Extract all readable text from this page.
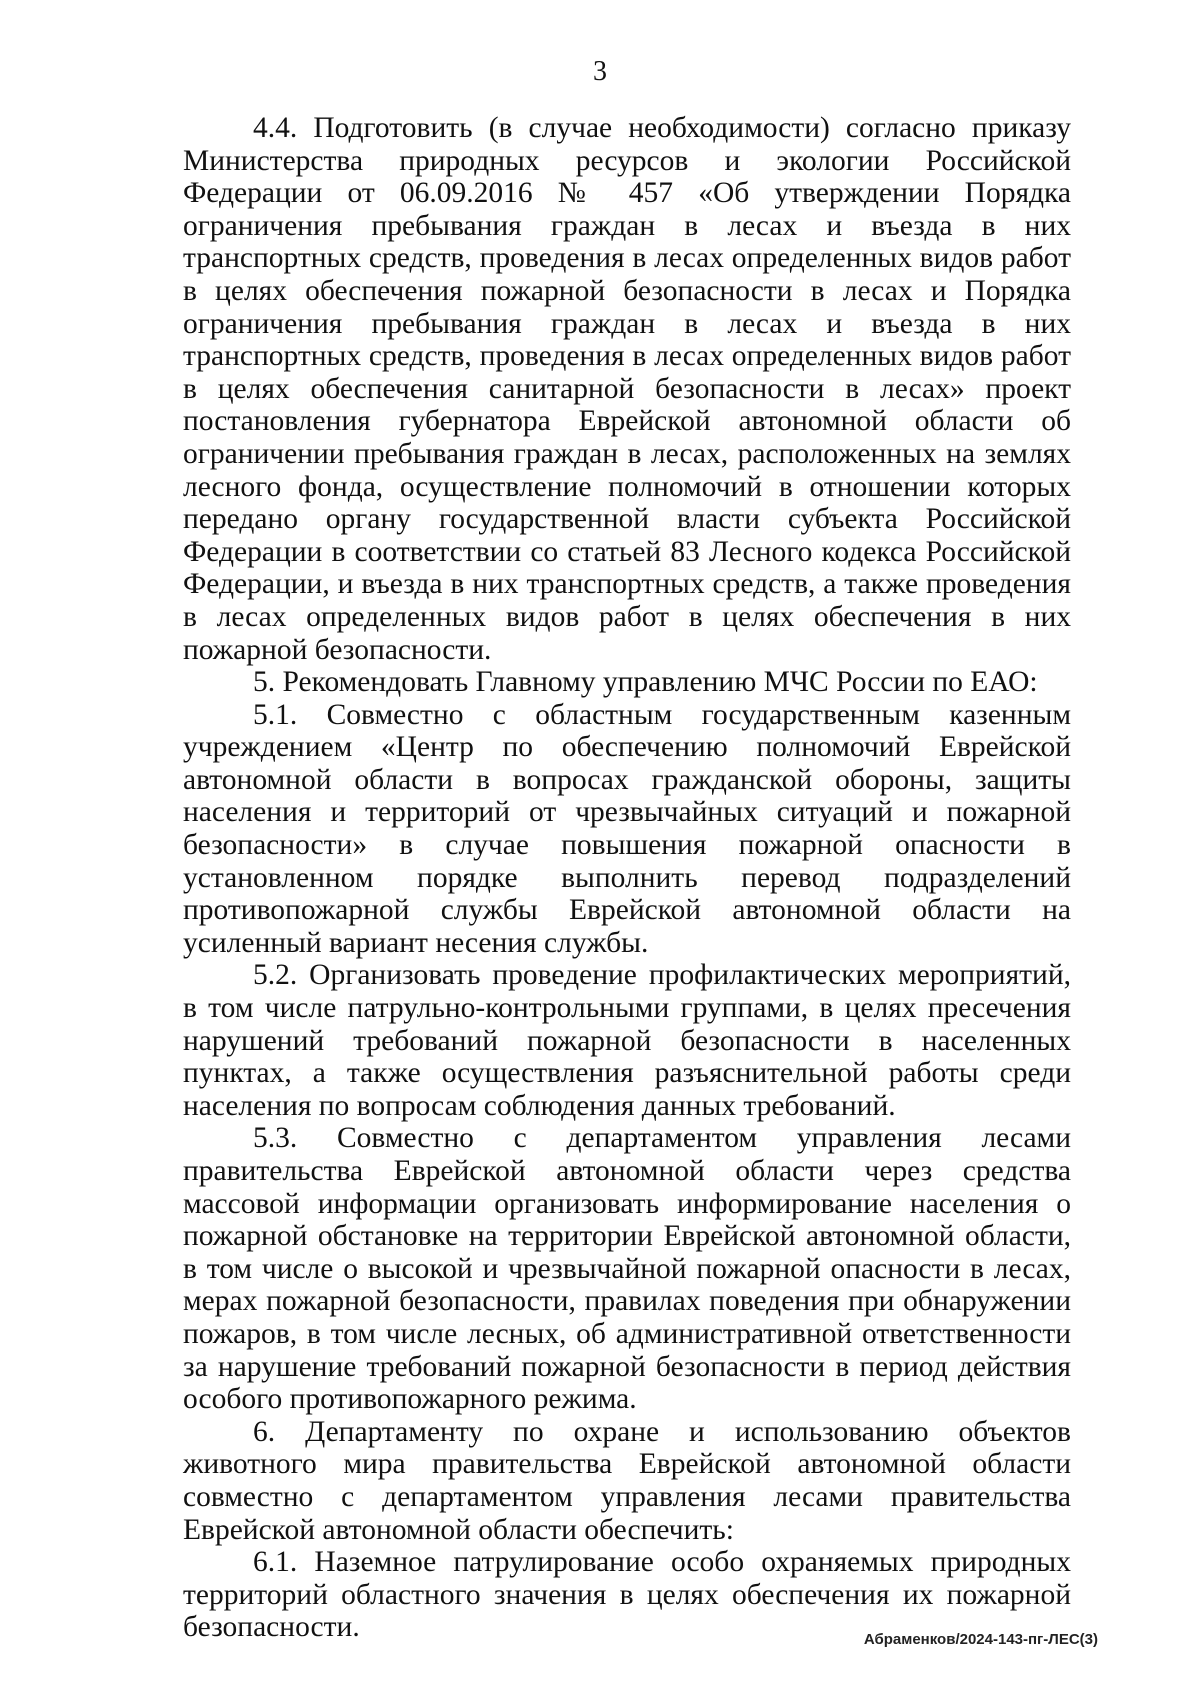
3

4.4. Подготовить (в случае необходимости) согласно приказу Министерства природных ресурсов и экологии Российской Федерации от 06.09.2016 № 457 «Об утверждении Порядка ограничения пребывания граждан в лесах и въезда в них транспортных средств, проведения в лесах определенных видов работ в целях обеспечения пожарной безопасности в лесах и Порядка ограничения пребывания граждан в лесах и въезда в них транспортных средств, проведения в лесах определенных видов работ в целях обеспечения санитарной безопасности в лесах» проект постановления губернатора Еврейской автономной области об ограничении пребывания граждан в лесах, расположенных на землях лесного фонда, осуществление полномочий в отношении которых передано органу государственной власти субъекта Российской Федерации в соответствии со статьей 83 Лесного кодекса Российской Федерации, и въезда в них транспортных средств, а также проведения в лесах определенных видов работ в целях обеспечения в них пожарной безопасности.

5. Рекомендовать Главному управлению МЧС России по ЕАО:

5.1. Совместно с областным государственным казенным учреждением «Центр по обеспечению полномочий Еврейской автономной области в вопросах гражданской обороны, защиты населения и территорий от чрезвычайных ситуаций и пожарной безопасности» в случае повышения пожарной опасности в установленном порядке выполнить перевод подразделений противопожарной службы Еврейской автономной области на усиленный вариант несения службы.

5.2. Организовать проведение профилактических мероприятий, в том числе патрульно-контрольными группами, в целях пресечения нарушений требований пожарной безопасности в населенных пунктах, а также осуществления разъяснительной работы среди населения по вопросам соблюдения данных требований.

5.3. Совместно с департаментом управления лесами правительства Еврейской автономной области через средства массовой информации организовать информирование населения о пожарной обстановке на территории Еврейской автономной области, в том числе о высокой и чрезвычайной пожарной опасности в лесах, мерах пожарной безопасности, правилах поведения при обнаружении пожаров, в том числе лесных, об административной ответственности за нарушение требований пожарной безопасности в период действия особого противопожарного режима.

6. Департаменту по охране и использованию объектов животного мира правительства Еврейской автономной области совместно с департаментом управления лесами правительства Еврейской автономной области обеспечить:

6.1. Наземное патрулирование особо охраняемых природных территорий областного значения в целях обеспечения их пожарной безопасности.	Абраменков/2024-143-пг-ЛЕС(3)
